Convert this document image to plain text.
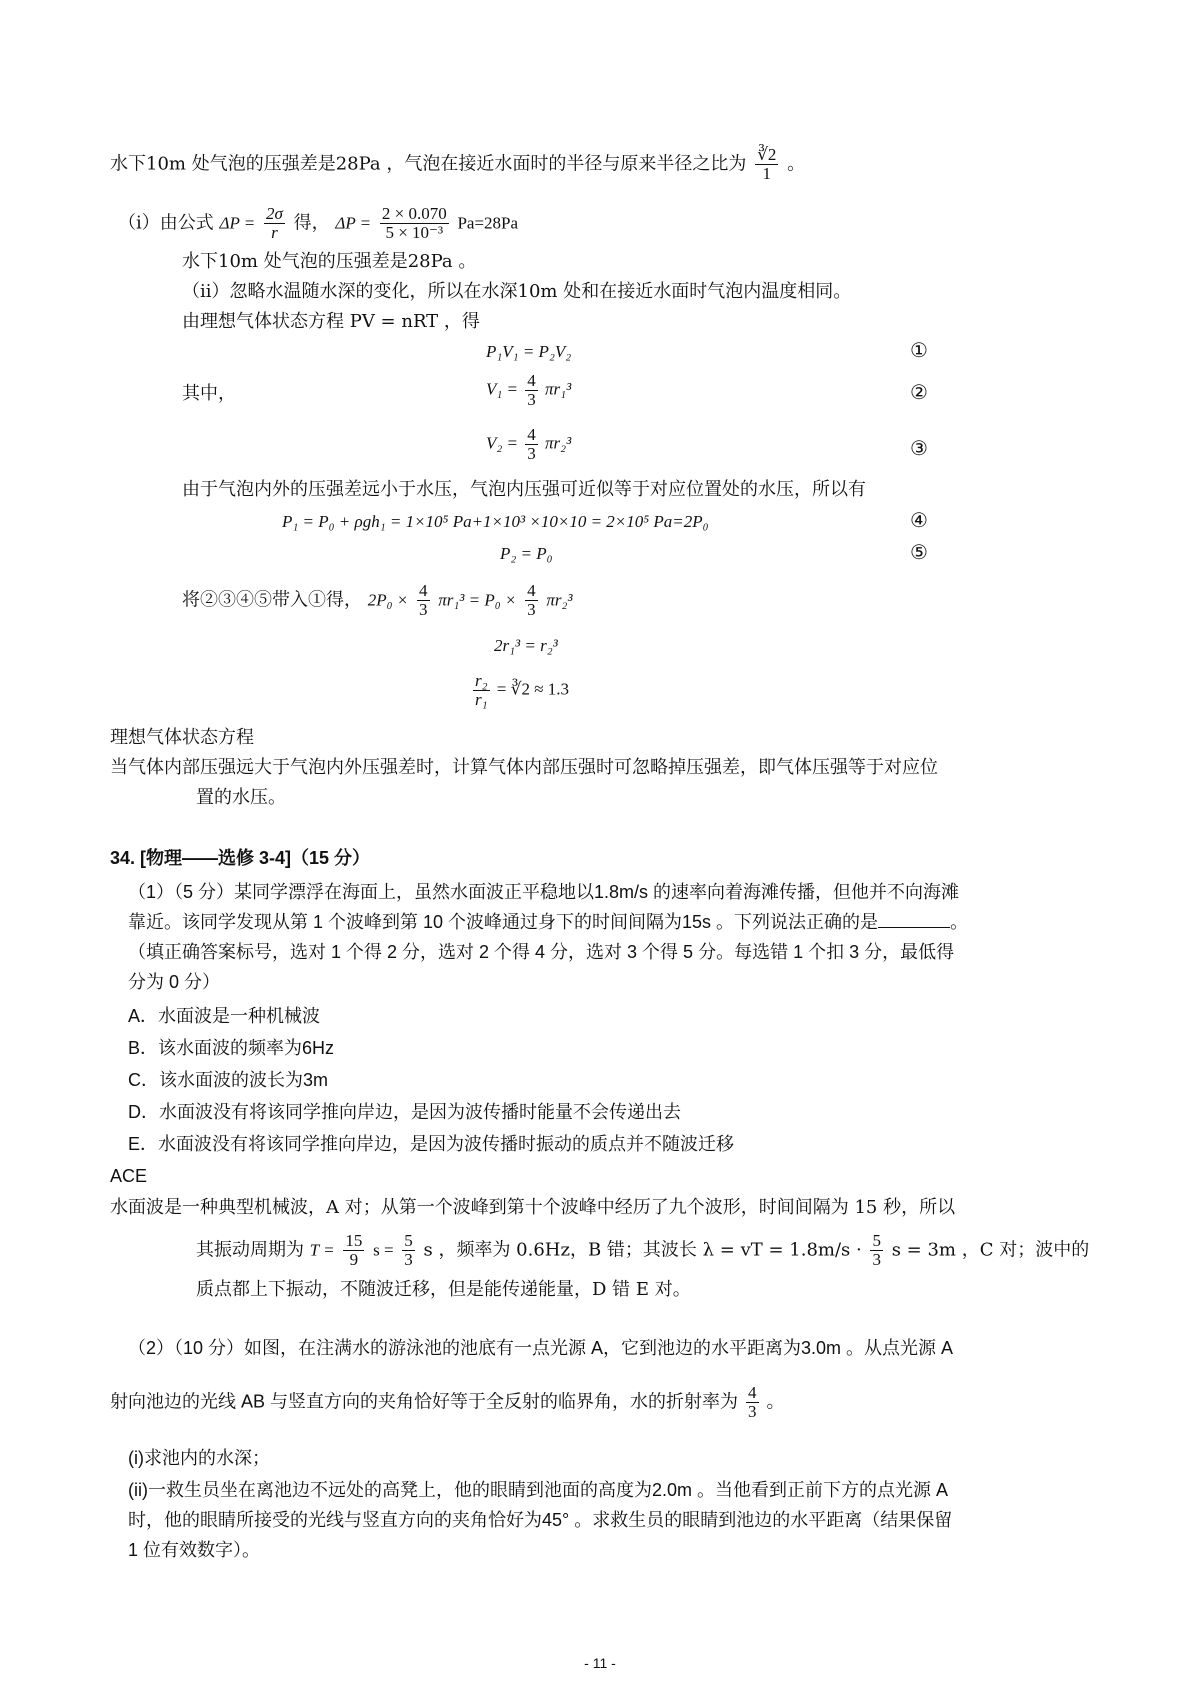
水下10m 处气泡的压强差是28Pa ，气泡在接近水面时的半径与原来半径之比为 $\frac{∛2}{1}$ 。
（i）由公式 $\Delta P = \frac{2\sigma}{r}$ 得， $\Delta P = \frac{2 \times 0.070}{\text{5 × 10⁻³}} Pa=28Pa$
水下10m 处气泡的压强差是28Pa 。
（ii）忽略水温随水深的变化，所以在水深10m 处和在接近水面时气泡内温度相同。
由理想气体状态方程 PV = nRT ，得
P₁V₁ = P₂V₂	①
其中，	$V_1 = \frac{4}{3} \pi r_1^3$	②
$V_2 = \frac{4}{3} \pi r_2^3$	③
由于气泡内外的压强差远小于水压，气泡内压强可近似等于对应位置处的水压，所以有
P₁ = P₀ + ρgh₁ = 1×10⁵ Pa+1×10³ ×10×10 = 2×10⁵ Pa=2P₀	④
P₂ = P₀	⑤
将②③④⑤带入①得， $2P_0 \times \frac{4}{3} \pi r_1^3 = P_0 \times \frac{4}{3} \pi r_2^3$
2r₁³ = r₂³
$\frac{\text{r₂}}{\text{r₁}}$ = ∛2 ≈ 1.3
理想气体状态方程
当气体内部压强远大于气泡内外压强差时，计算气体内部压强时可忽略掉压强差，即气体压强等于对应位
置的水压。
34. [物理——选修 3-4]（15 分）
（1）（5 分）某同学漂浮在海面上，虽然水面波正平稳地以1.8m/s 的速率向着海滩传播，但他并不向海滩
靠近。该同学发现从第 1 个波峰到第 10 个波峰通过身下的时间间隔为15s 。下列说法正确的是	。
（填正确答案标号，选对 1 个得 2 分，选对 2 个得 4 分，选对 3 个得 5 分。每选错 1 个扣 3 分，最低得
分为 0 分）
A．水面波是一种机械波
B．该水面波的频率为6Hz
C．该水面波的波长为3m
D．水面波没有将该同学推向岸边，是因为波传播时能量不会传递出去
E．水面波没有将该同学推向岸边，是因为波传播时振动的质点并不随波迁移
ACE
水面波是一种典型机械波，A 对；从第一个波峰到第十个波峰中经历了九个波形，时间间隔为 15 秒，所以
其振动周期为 $T = \frac{15}{9}$ $s = \frac{5}{3}$ s ，频率为 0.6Hz，B 错；其波长 λ = vT = $1.8m/s \cdot \frac{5}{3}$ s = 3m ，C 对；波中的
质点都上下振动，不随波迁移，但是能传递能量，D 错 E 对。
（2）（10 分）如图，在注满水的游泳池的池底有一点光源 A，它到池边的水平距离为3.0m 。从点光源 A
射向池边的光线 AB 与竖直方向的夹角恰好等于全反射的临界角，水的折射率为 $\frac{4}{3}$ 。
(i)求池内的水深；
(ii)一救生员坐在离池边不远处的高凳上，他的眼睛到池面的高度为2.0m 。当他看到正前下方的点光源 A
时，他的眼睛所接受的光线与竖直方向的夹角恰好为45° 。求救生员的眼睛到池边的水平距离（结果保留
1 位有效数字）。
- 11 -
